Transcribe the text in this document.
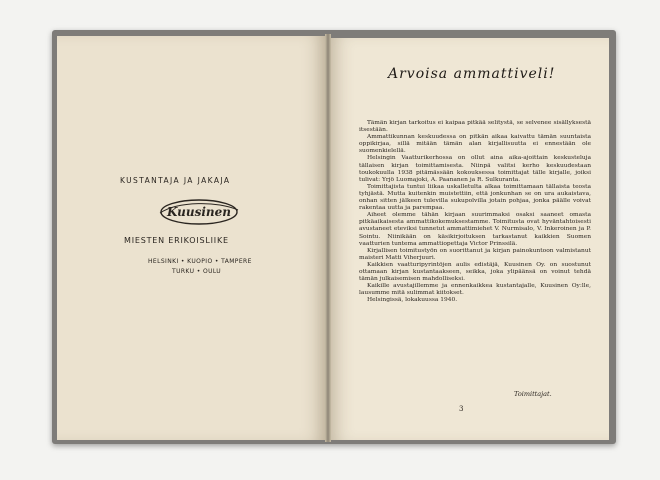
KUSTANTAJA JA JAKAJA
Kuusinen
MIESTEN ERIKOISLIIKE
HELSINKI • KUOPIO • TAMPERE
TURKU • OULU
Arvoisa ammattiveli!

Tämän kirjan tarkoitus ei kaipaa pitkää selitystä, se selvenee sisällyksestä itsestään.

Ammattikunnan keskuudessa on pitkän aikaa kaivattu tämän suuntaista oppikirjaa, sillä mitään tämän alan kirjallisuutta ei ennestään ole suomenkielellä.

Helsingin Vaatturikerhossa on ollut aina aika-ajoittain keskusteluja tällaisen kirjan toimittamisesta. Niinpä valitsi kerho keskuudestaan toukokuulla 1938 pitämässään kokouksessa toimittajat tälle kirjalle, joiksi tulivat: Yrjö Luomajoki, A. Paananen ja R. Sulkuranta.

Toimittajista tuntui liikaa uskalletulta alkaa toimittamaan tällaista teosta tyhjästä. Mutta kuitenkin muistettiin, että jonkunhan se on ura aukaistava, onhan sitten jälkeen tulevilla sukupolvilla jotain pohjaa, jonka päälle voivat rakentaa uutta ja parempaa.

Aiheet olemme tähän kirjaan suurimmaksi osaksi saaneet omasta pitkäaikaisesta ammattikokemuksestamme. Toimitusta ovat hyväntahtoisesti avustaneet eteviksi tunnetut ammattimiehet V. Nurmisalo, V. Inkeroinen ja P. Sointu. Niinikään on käsikirjoituksen tarkastanut kaikkien Suomen vaatturien tuntema ammattiopettaja Victor Prinssilä.

Kirjallisen toimitustyön on suorittanut ja kirjan painokuntoon valmistanut maisteri Matti Viherjuuri.

Kaikkien vaatturipyrintöjen aulis edistäjä, Kuusinen Oy. on suostunut ottamaan kirjan kustantaakseen, seikka, joka ylipäänsä on voinut tehdä tämän julkaisemisen mahdolliseksi.

Kaikille avustajillemme ja ennenkaikkea kustantajalle, Kuusinen Oy:lle, lausumme mitä sulimmat kiitokset.

Helsingissä, lokakuussa 1940.

Toimittajat.
3
